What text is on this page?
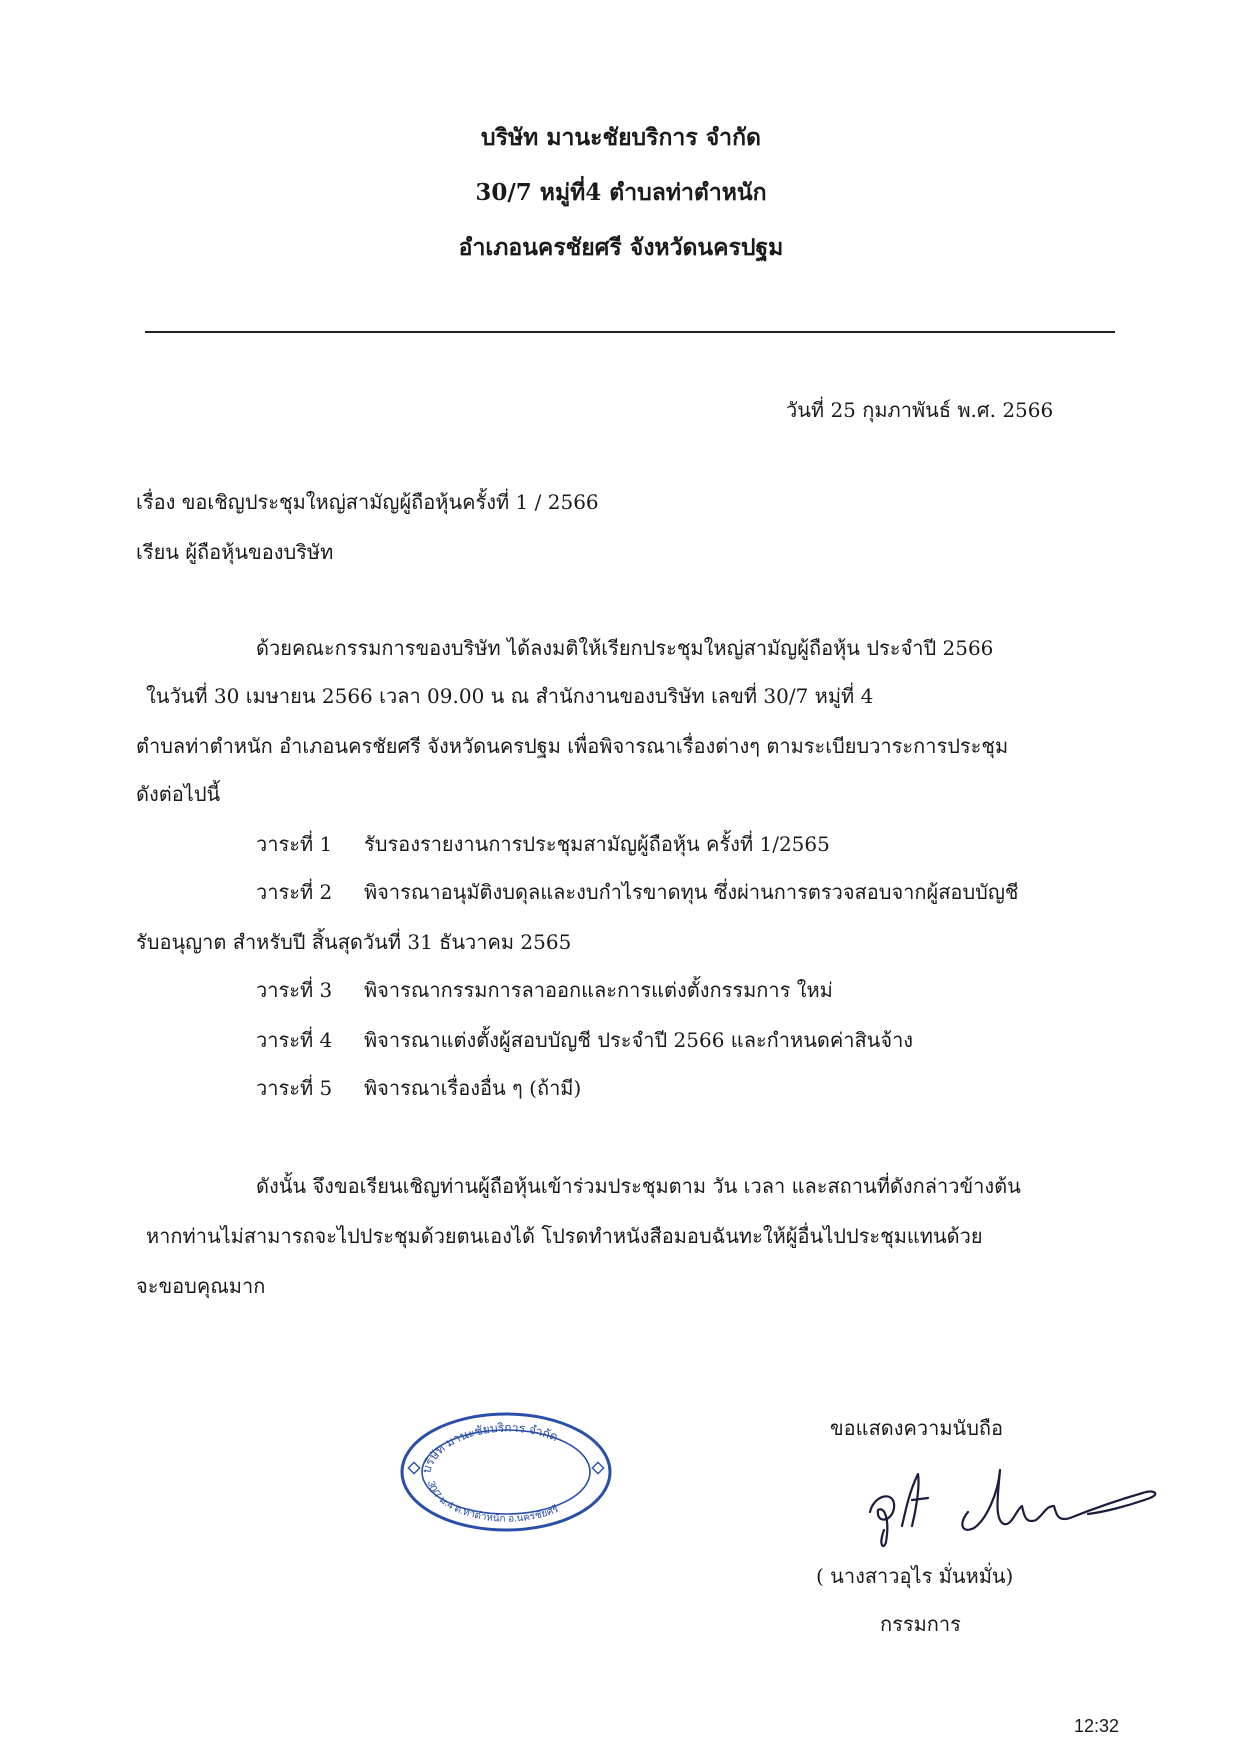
บริษัท มานะชัยบริการ จำกัด
30/7 หมู่ที่4 ตำบลท่าตำหนัก
อำเภอนครชัยศรี จังหวัดนครปฐม
วันที่ 25 กุมภาพันธ์ พ.ศ. 2566
เรื่อง ขอเชิญประชุมใหญ่สามัญผู้ถือหุ้นครั้งที่ 1 / 2566
เรียน ผู้ถือหุ้นของบริษัท
ด้วยคณะกรรมการของบริษัท ได้ลงมติให้เรียกประชุมใหญ่สามัญผู้ถือหุ้น ประจำปี 2566
ในวันที่ 30 เมษายน 2566 เวลา 09.00 น ณ สำนักงานของบริษัท เลขที่ 30/7 หมู่ที่ 4
ตำบลท่าตำหนัก อำเภอนครชัยศรี จังหวัดนครปฐม เพื่อพิจารณาเรื่องต่างๆ ตามระเบียบวาระการประชุม
ดังต่อไปนี้
วาระที่ 1 รับรองรายงานการประชุมสามัญผู้ถือหุ้น ครั้งที่ 1/2565
วาระที่ 2 พิจารณาอนุมัติงบดุลและงบกำไรขาดทุน ซึ่งผ่านการตรวจสอบจากผู้สอบบัญชี
รับอนุญาต สำหรับปี สิ้นสุดวันที่ 31 ธันวาคม 2565
วาระที่ 3 พิจารณากรรมการลาออกและการแต่งตั้งกรรมการ ใหม่
วาระที่ 4 พิจารณาแต่งตั้งผู้สอบบัญชี ประจำปี 2566 และกำหนดค่าสินจ้าง
วาระที่ 5 พิจารณาเรื่องอื่น ๆ (ถ้ามี)
ดังนั้น จึงขอเรียนเชิญท่านผู้ถือหุ้นเข้าร่วมประชุมตาม วัน เวลา และสถานที่ดังกล่าวข้างต้น
หากท่านไม่สามารถจะไปประชุมด้วยตนเองได้ โปรดทำหนังสือมอบฉันทะให้ผู้อื่นไปประชุมแทนด้วย
จะขอบคุณมาก
บริษัท มานะชัยบริการ จำกัด
30/7 ม.4 ต.ท่าตำหนัก อ.นครชัยศรี
ขอแสดงความนับถือ
( นางสาวอุไร มั่นหมั่น)
กรรมการ
12:32
